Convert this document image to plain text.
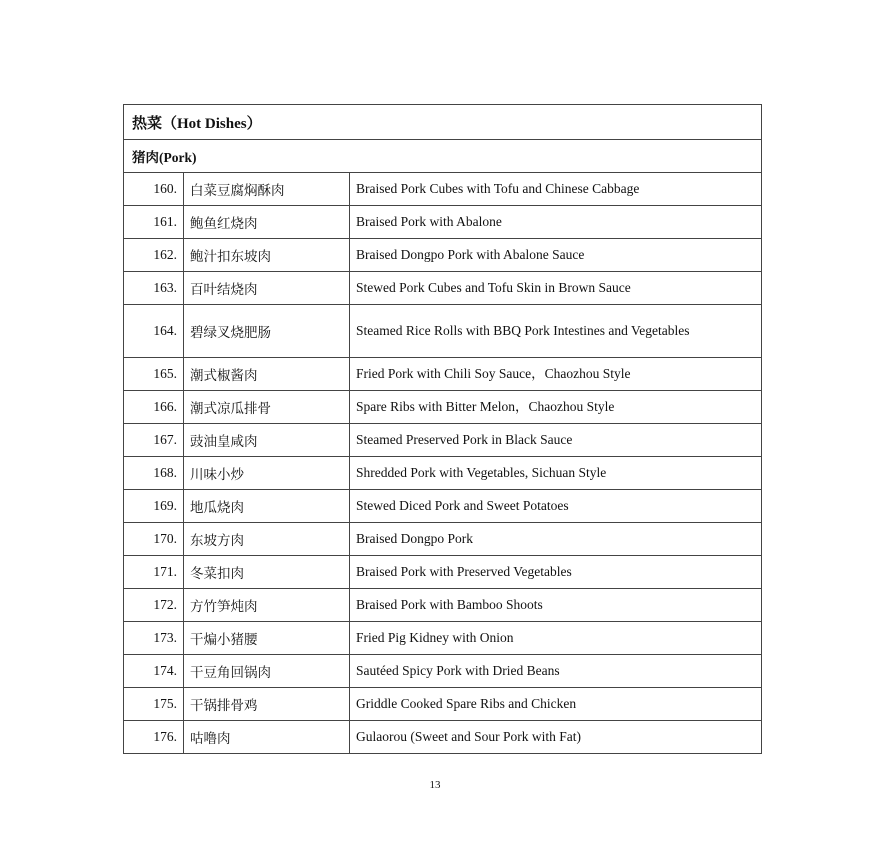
热菜（Hot Dishes）		
猪肉(Pork)		
160.	白菜豆腐焖酥肉	Braised Pork Cubes with Tofu and Chinese Cabbage
161.	鲍鱼红烧肉	Braised Pork with Abalone
162.	鲍汁扣东坡肉	Braised Dongpo Pork with Abalone Sauce
163.	百叶结烧肉	Stewed Pork Cubes and Tofu Skin in Brown Sauce
164.	碧绿叉烧肥肠	Steamed Rice Rolls with BBQ Pork Intestines and Vegetables
165.	潮式椒酱肉	Fried Pork with Chili Soy Sauce，Chaozhou Style
166.	潮式凉瓜排骨	Spare Ribs with Bitter Melon，Chaozhou Style
167.	豉油皇咸肉	Steamed Preserved Pork in Black Sauce
168.	川味小炒	Shredded Pork with Vegetables, Sichuan Style
169.	地瓜烧肉	Stewed Diced Pork and Sweet Potatoes
170.	东坡方肉	Braised Dongpo Pork
171.	冬菜扣肉	Braised Pork with Preserved Vegetables
172.	方竹笋炖肉	Braised Pork with Bamboo Shoots
173.	干煸小猪腰	Fried Pig Kidney with Onion
174.	干豆角回锅肉	Sautéed Spicy Pork with Dried Beans
175.	干锅排骨鸡	Griddle Cooked Spare Ribs and Chicken
176.	咕噜肉	Gulaorou (Sweet and Sour Pork with Fat)
13
